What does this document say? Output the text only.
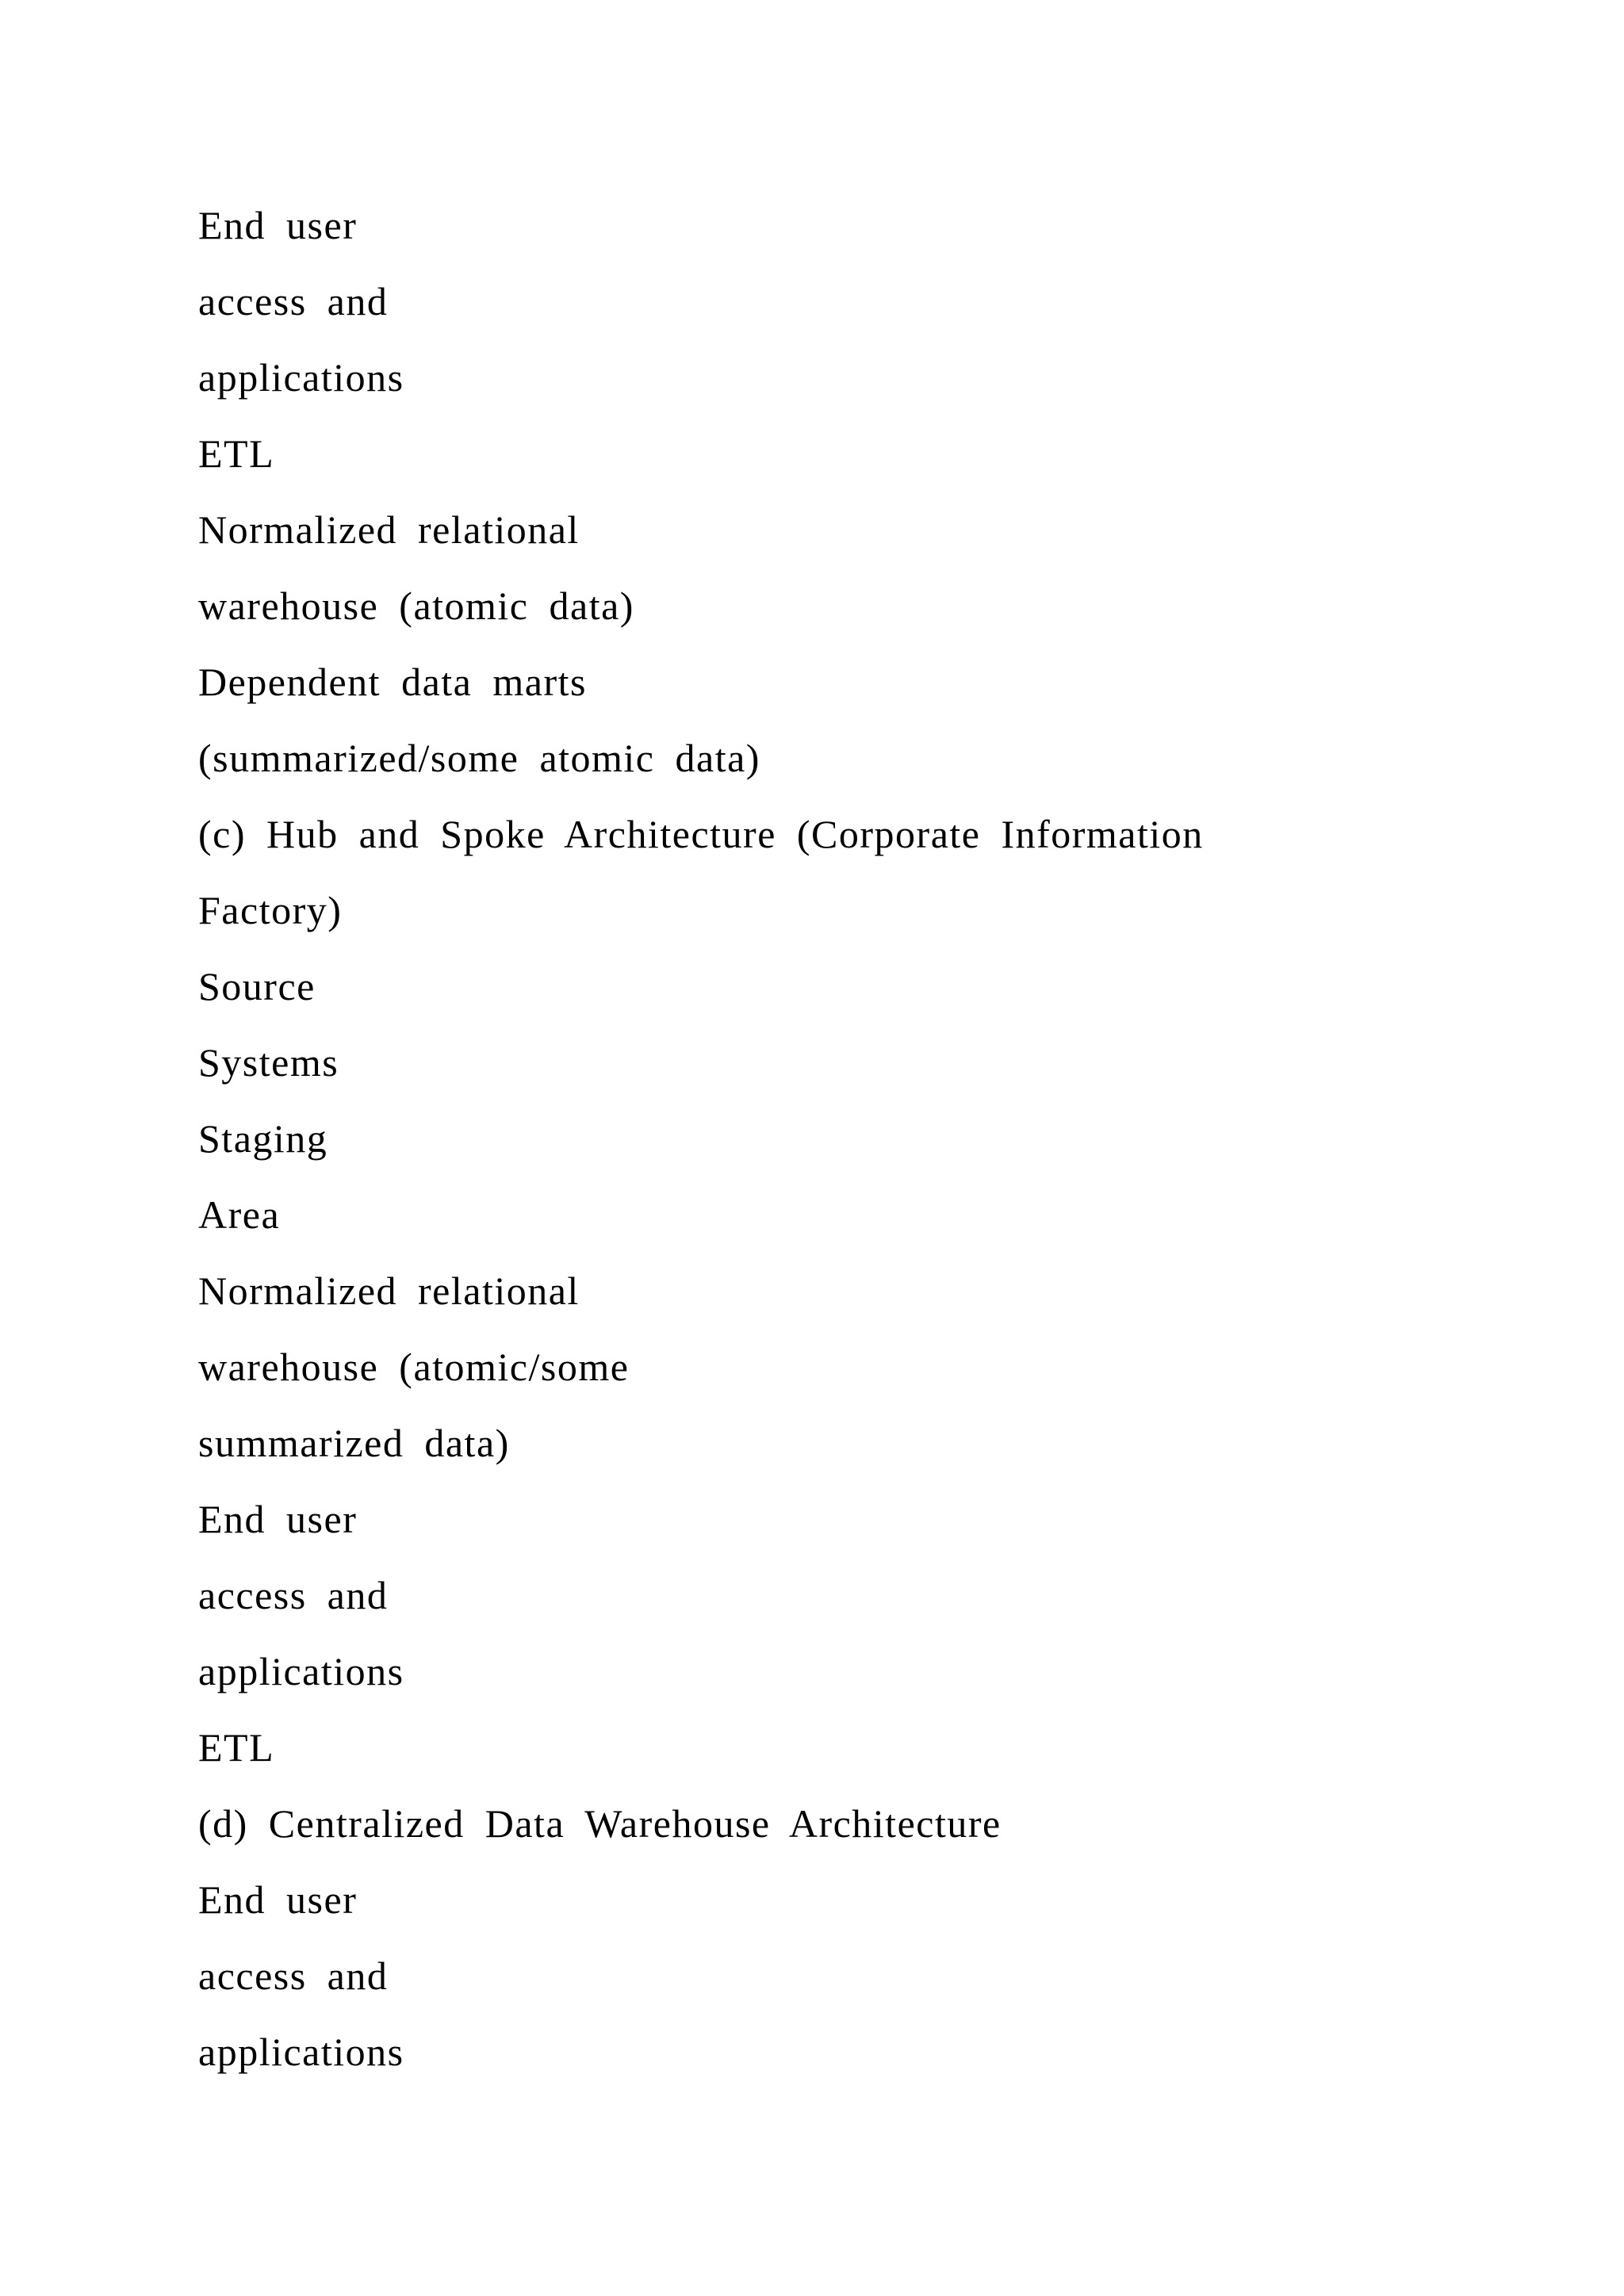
End user
access and
applications
ETL
Normalized relational
warehouse (atomic data)
Dependent data marts
(summarized/some atomic data)
(c) Hub and Spoke Architecture (Corporate Information
Factory)
Source
Systems
Staging
Area
Normalized relational
warehouse (atomic/some
summarized data)
End user
access and
applications
ETL
(d) Centralized Data Warehouse Architecture
End user
access and
applications
